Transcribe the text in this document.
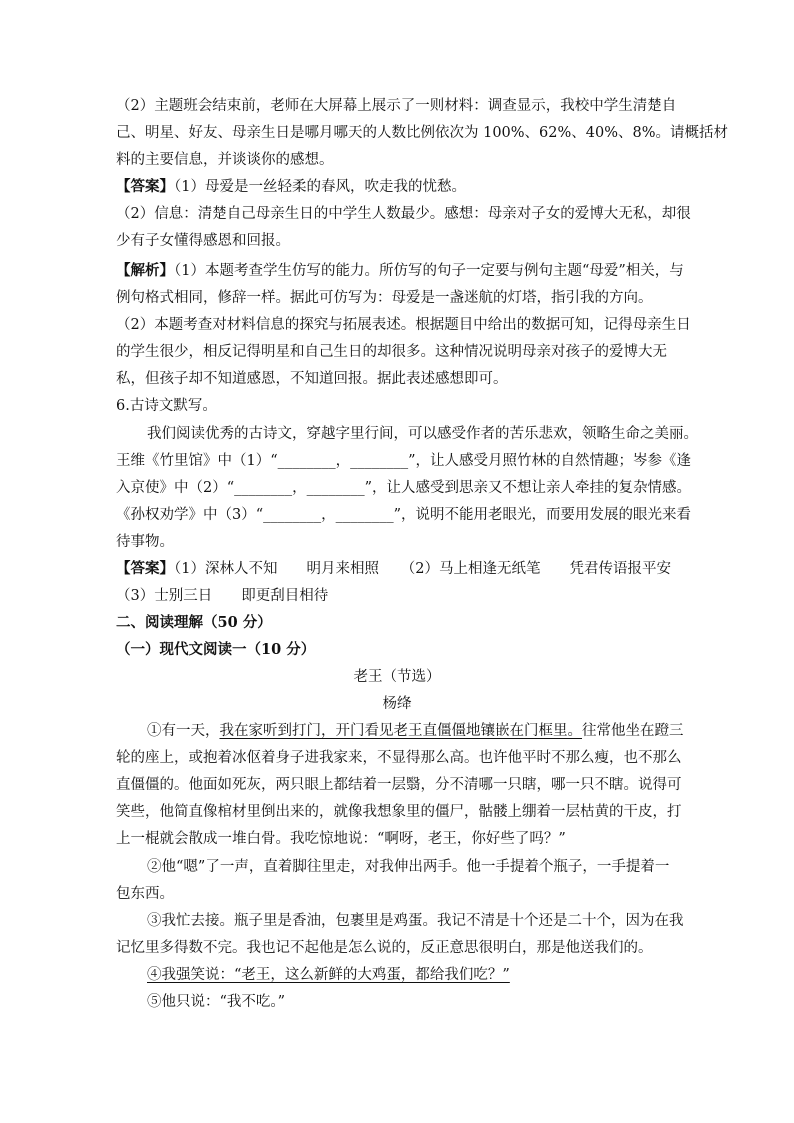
（2）主题班会结束前，老师在大屏幕上展示了一则材料：调查显示，我校中学生清楚自
己、明星、好友、母亲生日是哪月哪天的人数比例依次为 100%、62%、40%、8%。请概括材
料的主要信息，并谈谈你的感想。
【答案】（1）母爱是一丝轻柔的春风，吹走我的忧愁。
（2）信息：清楚自己母亲生日的中学生人数最少。感想：母亲对子女的爱博大无私，却很
少有子女懂得感恩和回报。
【解析】（1）本题考查学生仿写的能力。所仿写的句子一定要与例句主题“母爱”相关，与
例句格式相同，修辞一样。据此可仿写为：母爱是一盏迷航的灯塔，指引我的方向。
（2）本题考查对材料信息的探究与拓展表述。根据题目中给出的数据可知，记得母亲生日
的学生很少，相反记得明星和自己生日的却很多。这种情况说明母亲对孩子的爱博大无
私，但孩子却不知道感恩，不知道回报。据此表述感想即可。
6.古诗文默写。
我们阅读优秀的古诗文，穿越字里行间，可以感受作者的苦乐悲欢，领略生命之美丽。
王维《竹里馆》中（1）“________，________”，让人感受月照竹林的自然情趣；岑参《逢
入京使》中（2）“________，________”，让人感受到思亲又不想让亲人牵挂的复杂情感。
《孙权劝学》中（3）“________，________”，说明不能用老眼光，而要用发展的眼光来看
待事物。
【答案】（1）深林人不知　　明月来相照　　（2）马上相逢无纸笔　　凭君传语报平安
（3）士别三日　　即更刮目相待
二、阅读理解（50 分）
（一）现代文阅读一（10 分）
老王（节选）
杨绛
①有一天，我在家听到打门，开门看见老王直僵僵地镶嵌在门框里。往常他坐在蹬三
轮的座上，或抱着冰伛着身子进我家来，不显得那么高。也许他平时不那么瘦，也不那么
直僵僵的。他面如死灰，两只眼上都结着一层翳，分不清哪一只瞎，哪一只不瞎。说得可
笑些，他简直像棺材里倒出来的，就像我想象里的僵尸，骷髅上绷着一层枯黄的干皮，打
上一棍就会散成一堆白骨。我吃惊地说：“啊呀，老王，你好些了吗？”
②他“嗯”了一声，直着脚往里走，对我伸出两手。他一手提着个瓶子，一手提着一
包东西。
③我忙去接。瓶子里是香油，包裹里是鸡蛋。我记不清是十个还是二十个，因为在我
记忆里多得数不完。我也记不起他是怎么说的，反正意思很明白，那是他送我们的。
④我强笑说：“老王，这么新鲜的大鸡蛋，都给我们吃？”
⑤他只说：“我不吃。”
